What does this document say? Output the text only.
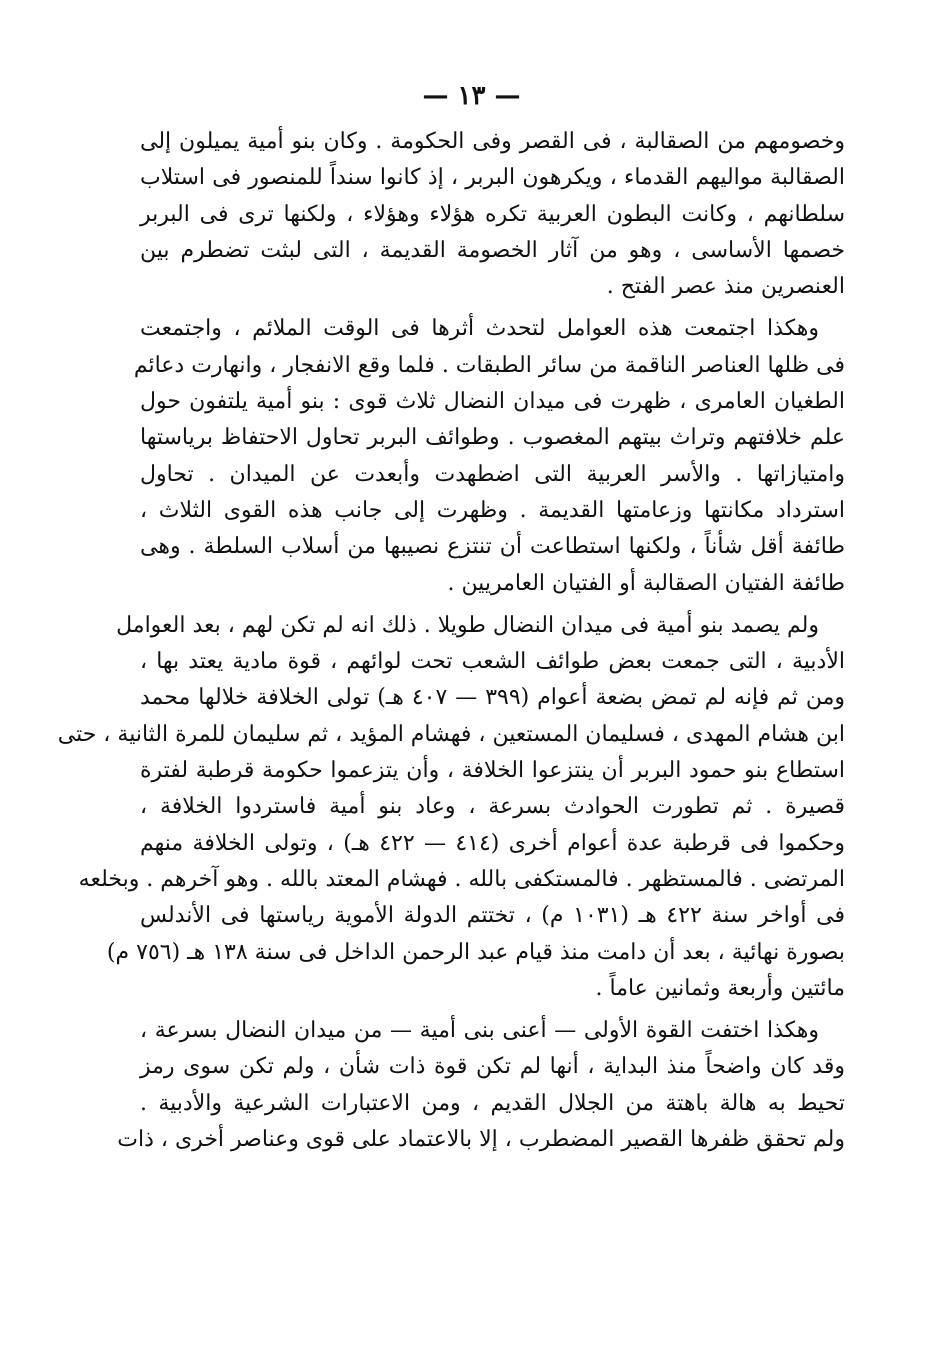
— ١٣ —
وخصومهم من الصقالبة ، فى القصر وفى الحكومة . وكان بنو أمية يميلون إلى
الصقالبة مواليهم القدماء ، ويكرهون البربر ، إذ كانوا سنداً للمنصور فى استلاب
سلطانهم ، وكانت البطون العربية تكره هؤلاء وهؤلاء ، ولكنها ترى فى البربر
خصمها الأساسى ، وهو من آثار الخصومة القديمة ، التى لبثت تضطرم بين
العنصرين منذ عصر الفتح .
وهكذا اجتمعت هذه العوامل لتحدث أثرها فى الوقت الملائم ، واجتمعت
فى ظلها العناصر الناقمة من سائر الطبقات . فلما وقع الانفجار ، وانهارت دعائم
الطغيان العامرى ، ظهرت فى ميدان النضال ثلاث قوى : بنو أمية يلتفون حول
علم خلافتهم وتراث بيتهم المغصوب . وطوائف البربر تحاول الاحتفاظ برياستها
وامتيازاتها . والأسر العربية التى اضطهدت وأبعدت عن الميدان . تحاول
استرداد مكانتها وزعامتها القديمة . وظهرت إلى جانب هذه القوى الثلاث ،
طائفة أقل شأناً ، ولكنها استطاعت أن تنتزع نصيبها من أسلاب السلطة . وهى
طائفة الفتيان الصقالبة أو الفتيان العامريين .
ولم يصمد بنو أمية فى ميدان النضال طويلا . ذلك انه لم تكن لهم ، بعد العوامل
الأدبية ، التى جمعت بعض طوائف الشعب تحت لوائهم ، قوة مادية يعتد بها ،
ومن ثم فإنه لم تمض بضعة أعوام (٣٩٩ — ٤٠٧ هـ) تولى الخلافة خلالها محمد
ابن هشام المهدى ، فسليمان المستعين ، فهشام المؤيد ، ثم سليمان للمرة الثانية ، حتى
استطاع بنو حمود البربر أن ينتزعوا الخلافة ، وأن يتزعموا حكومة قرطبة لفترة
قصيرة . ثم تطورت الحوادث بسرعة ، وعاد بنو أمية فاستردوا الخلافة ،
وحكموا فى قرطبة عدة أعوام أخرى (٤١٤ — ٤٢٢ هـ) ، وتولى الخلافة منهم
المرتضى . فالمستظهر . فالمستكفى بالله . فهشام المعتد بالله . وهو آخرهم . وبخلعه
فى أواخر سنة ٤٢٢ هـ (١٠٣١ م) ، تختتم الدولة الأموية رياستها فى الأندلس
بصورة نهائية ، بعد أن دامت منذ قيام عبد الرحمن الداخل فى سنة ١٣٨ هـ (٧٥٦ م)
مائتين وأربعة وثمانين عاماً .
وهكذا اختفت القوة الأولى — أعنى بنى أمية — من ميدان النضال بسرعة ،
وقد كان واضحاً منذ البداية ، أنها لم تكن قوة ذات شأن ، ولم تكن سوى رمز
تحيط به هالة باهتة من الجلال القديم ، ومن الاعتبارات الشرعية والأدبية .
ولم تحقق ظفرها القصير المضطرب ، إلا بالاعتماد على قوى وعناصر أخرى ، ذات
